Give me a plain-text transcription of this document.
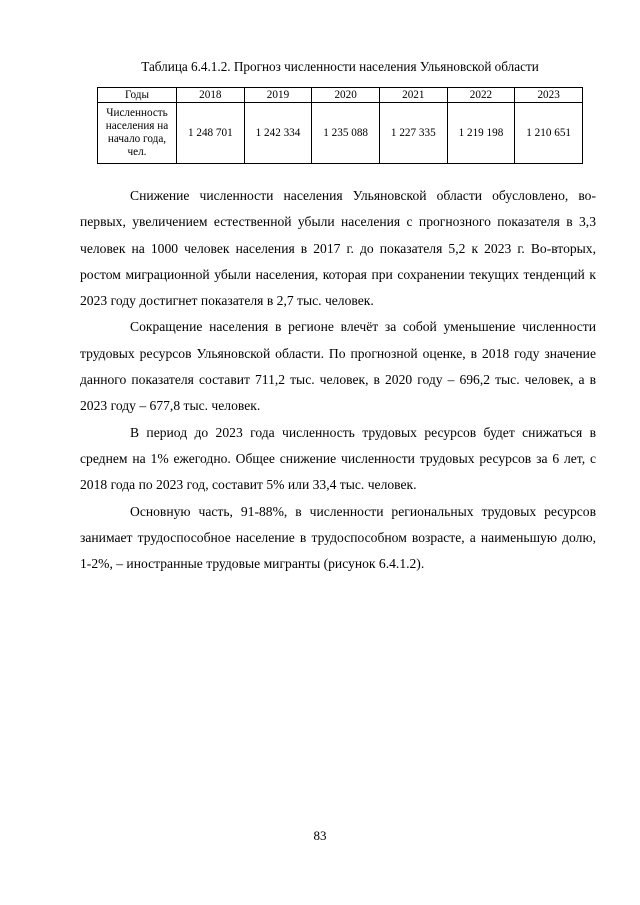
Таблица 6.4.1.2. Прогноз численности населения Ульяновской области
Годы	2018	2019	2020	2021	2022	2023

Численность населения на начало года, чел.	1 248 701	1 242 334	1 235 088	1 227 335	1 219 198	1 210 651

Снижение численности населения Ульяновской области обусловлено, во-первых, увеличением естественной убыли населения с прогнозного показателя в 3,3 человек на 1000 человек населения в 2017 г. до показателя 5,2 к 2023 г. Во-вторых, ростом миграционной убыли населения, которая при сохранении текущих тенденций к 2023 году достигнет показателя в 2,7 тыс. человек.

Сокращение населения в регионе влечёт за собой уменьшение численности трудовых ресурсов Ульяновской области. По прогнозной оценке, в 2018 году значение данного показателя составит 711,2 тыс. человек, в 2020 году – 696,2 тыс. человек, а в 2023 году – 677,8 тыс. человек.

В период до 2023 года численность трудовых ресурсов будет снижаться в среднем на 1% ежегодно. Общее снижение численности трудовых ресурсов за 6 лет, с 2018 года по 2023 год, составит 5% или 33,4 тыс. человек.

Основную часть, 91-88%, в численности региональных трудовых ресурсов занимает трудоспособное население в трудоспособном возрасте, а наименьшую долю, 1-2%, – иностранные трудовые мигранты (рисунок 6.4.1.2).

83
